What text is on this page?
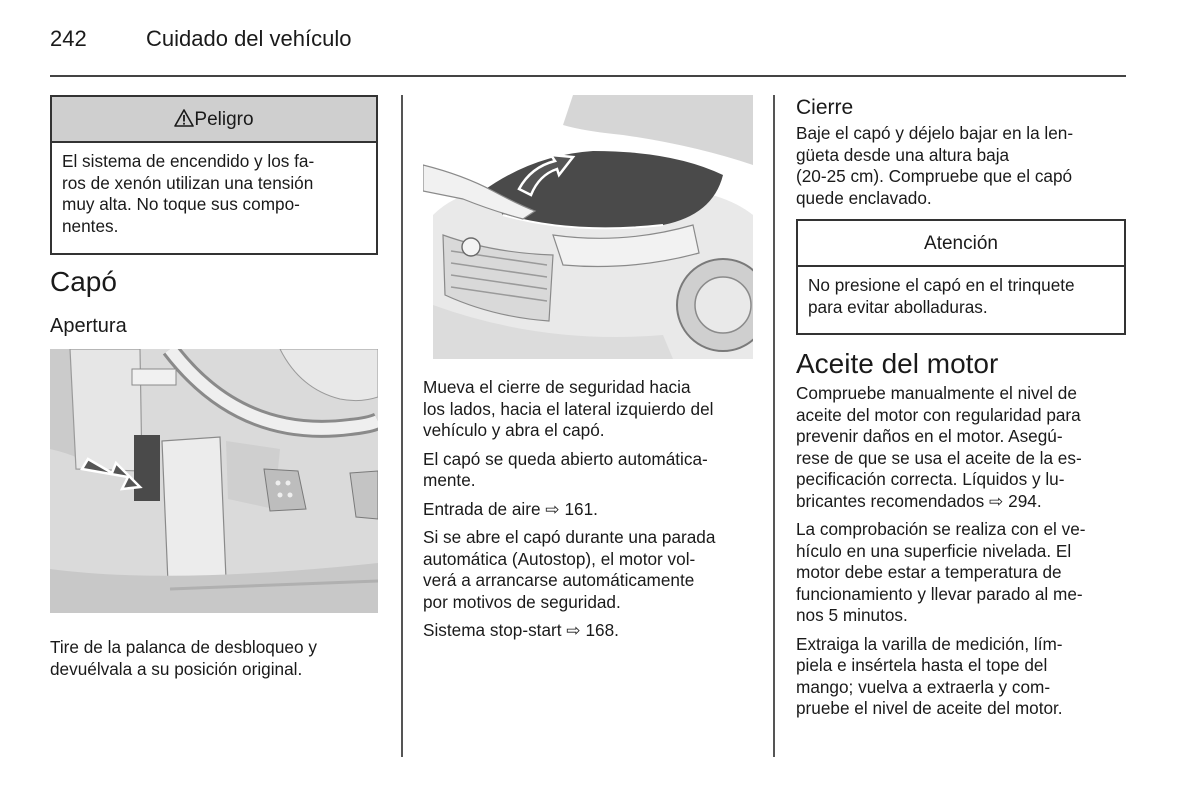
242	Cuidado del vehículo
Peligro
El sistema de encendido y los fa-
ros de xenón utilizan una tensión
muy alta. No toque sus compo-
nentes.
Capó
Apertura
Tire de la palanca de desbloqueo y
devuélvala a su posición original.
Mueva el cierre de seguridad hacia
los lados, hacia el lateral izquierdo del
vehículo y abra el capó.
El capó se queda abierto automática-
mente.
Entrada de aire ⇨ 161.
Si se abre el capó durante una parada
automática (Autostop), el motor vol-
verá a arrancarse automáticamente
por motivos de seguridad.
Sistema stop-start ⇨ 168.
Cierre
Baje el capó y déjelo bajar en la len-
güeta desde una altura baja
(20-25 cm). Compruebe que el capó
quede enclavado.
Atención
No presione el capó en el trinquete
para evitar abolladuras.
Aceite del motor
Compruebe manualmente el nivel de
aceite del motor con regularidad para
prevenir daños en el motor. Asegú-
rese de que se usa el aceite de la es-
pecificación correcta. Líquidos y lu-
bricantes recomendados ⇨ 294.
La comprobación se realiza con el ve-
hículo en una superficie nivelada. El
motor debe estar a temperatura de
funcionamiento y llevar parado al me-
nos 5 minutos.
Extraiga la varilla de medición, lím-
piela e insértela hasta el tope del
mango; vuelva a extraerla y com-
pruebe el nivel de aceite del motor.
